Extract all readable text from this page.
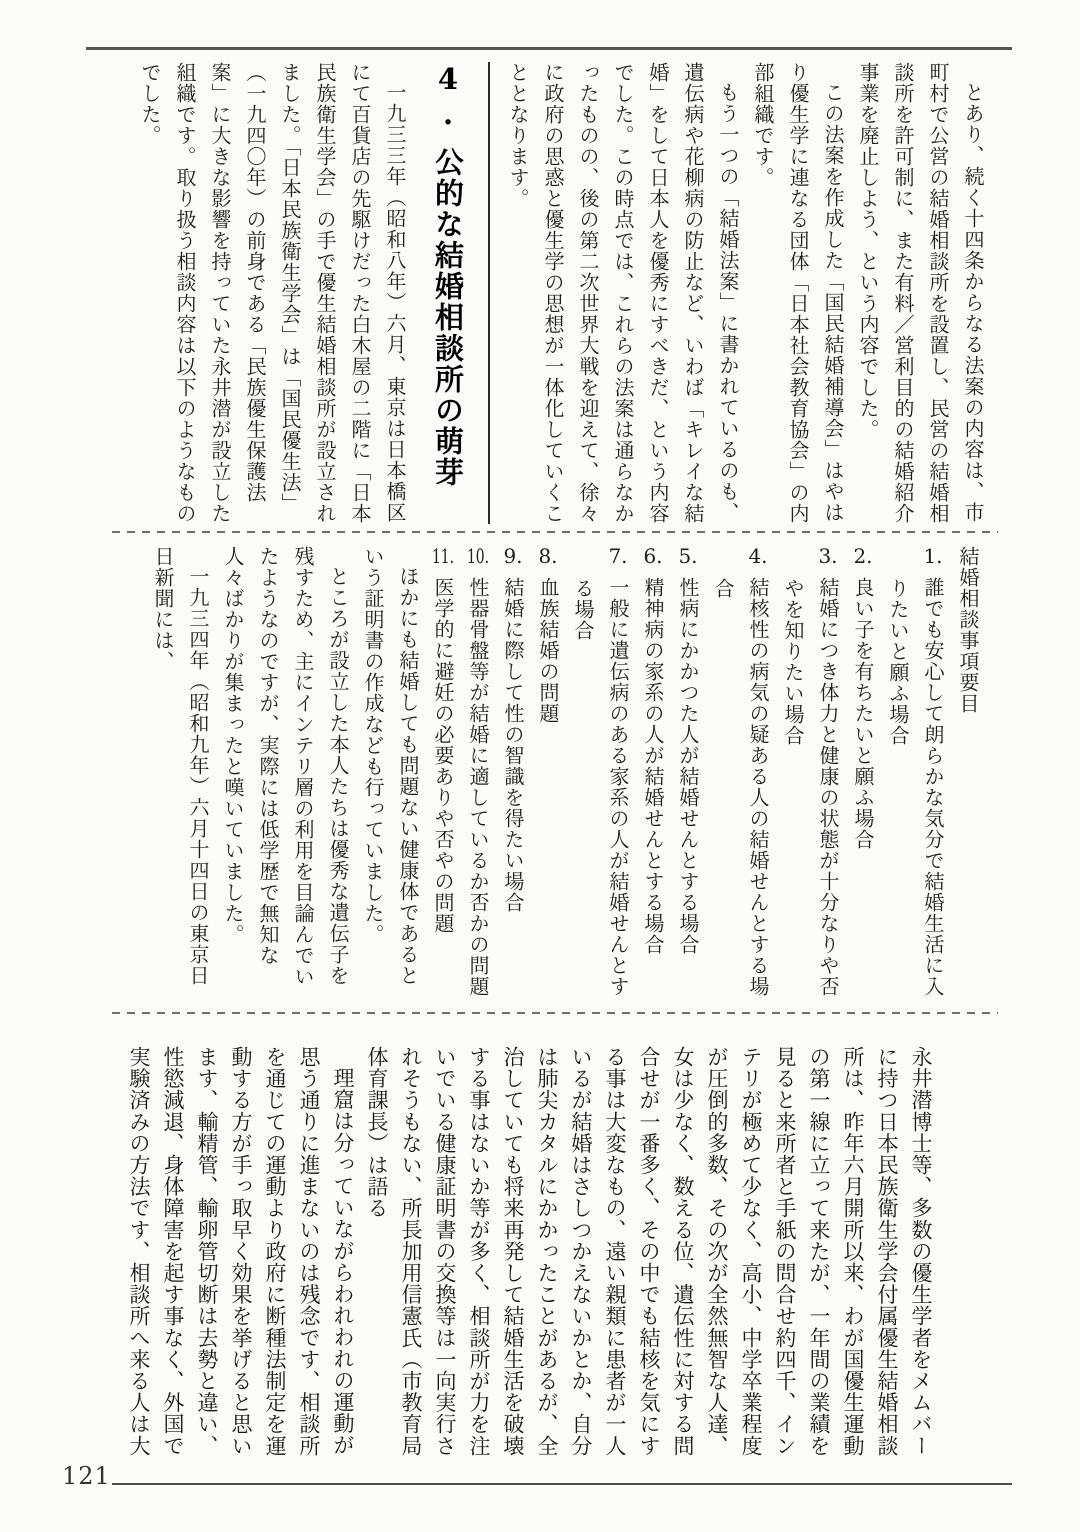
とあり、続く十四条からなる法案の内容は、市町村で公営の結婚相談所を設置し、民営の結婚相談所を許可制に、また有料／営利目的の結婚紹介事業を廃止しよう、という内容でした。

この法案を作成した「国民結婚補導会」はやはり優生学に連なる団体「日本社会教育協会」の内部組織です。

もう一つの「結婚法案」に書かれているのも、遺伝病や花柳病の防止など、いわば「キレイな結婚」をして日本人を優秀にすべきだ、という内容でした。この時点では、これらの法案は通らなかったものの、後の第二次世界大戦を迎えて、徐々に政府の思惑と優生学の思想が一体化していくこととなります。

4.公的な結婚相談所の萌芽

一九三三年（昭和八年）六月、東京は日本橋区にて百貨店の先駆けだった白木屋の二階に「日本民族衛生学会」の手で優生結婚相談所が設立されました。「日本民族衛生学会」は「国民優生法」（一九四〇年）の前身である「民族優生保護法案」に大きな影響を持っていた永井潜が設立した組織です。取り扱う相談内容は以下のようなものでした。

結婚相談事項要目

1.誰でも安心して朗らかな気分で結婚生活に入りたいと願ふ場合
2.良い子を有ちたいと願ふ場合
3.結婚につき体力と健康の状態が十分なりや否やを知りたい場合
4.結核性の病気の疑ある人の結婚せんとする場合
5.性病にかかつた人が結婚せんとする場合
6.精神病の家系の人が結婚せんとする場合
7.一般に遺伝病のある家系の人が結婚せんとする場合
8.血族結婚の問題
9.結婚に際して性の智識を得たい場合
10.性器骨盤等が結婚に適しているか否かの問題
11.医学的に避妊の必要ありや否やの問題

ほかにも結婚しても問題ない健康体であるという証明書の作成なども行っていました。

ところが設立した本人たちは優秀な遺伝子を残すため、主にインテリ層の利用を目論んでいたようなのですが、実際には低学歴で無知な人々ばかりが集まったと嘆いていました。

一九三四年（昭和九年）六月十四日の東京日日新聞には、

永井潜博士等、多数の優生学者をメムバーに持つ日本民族衛生学会付属優生結婚相談所は、昨年六月開所以来、わが国優生運動の第一線に立って来たが、一年間の業績を見ると来所者と手紙の問合せ約四千、インテリが極めて少なく、高小、中学卒業程度が圧倒的多数、その次が全然無智な人達、女は少なく、数える位、遺伝性に対する問合せが一番多く、その中でも結核を気にする事は大変なもの、遠い親類に患者が一人いるが結婚はさしつかえないかとか、自分は肺尖カタルにかかったことがあるが、全治していても将来再発して結婚生活を破壊する事はないか等が多く、相談所が力を注いでいる健康証明書の交換等は一向実行されそうもない、所長加用信憲氏（市教育局体育課長）は語る

理窟は分っていながらわれわれの運動が思う通りに進まないのは残念です、相談所を通じての運動より政府に断種法制定を運動する方が手っ取早く効果を挙げると思います、輸精管、輸卵管切断は去勢と違い、性慾減退、身体障害を起す事なく、外国で実験済みの方法です、相談所へ来る人は大

121
